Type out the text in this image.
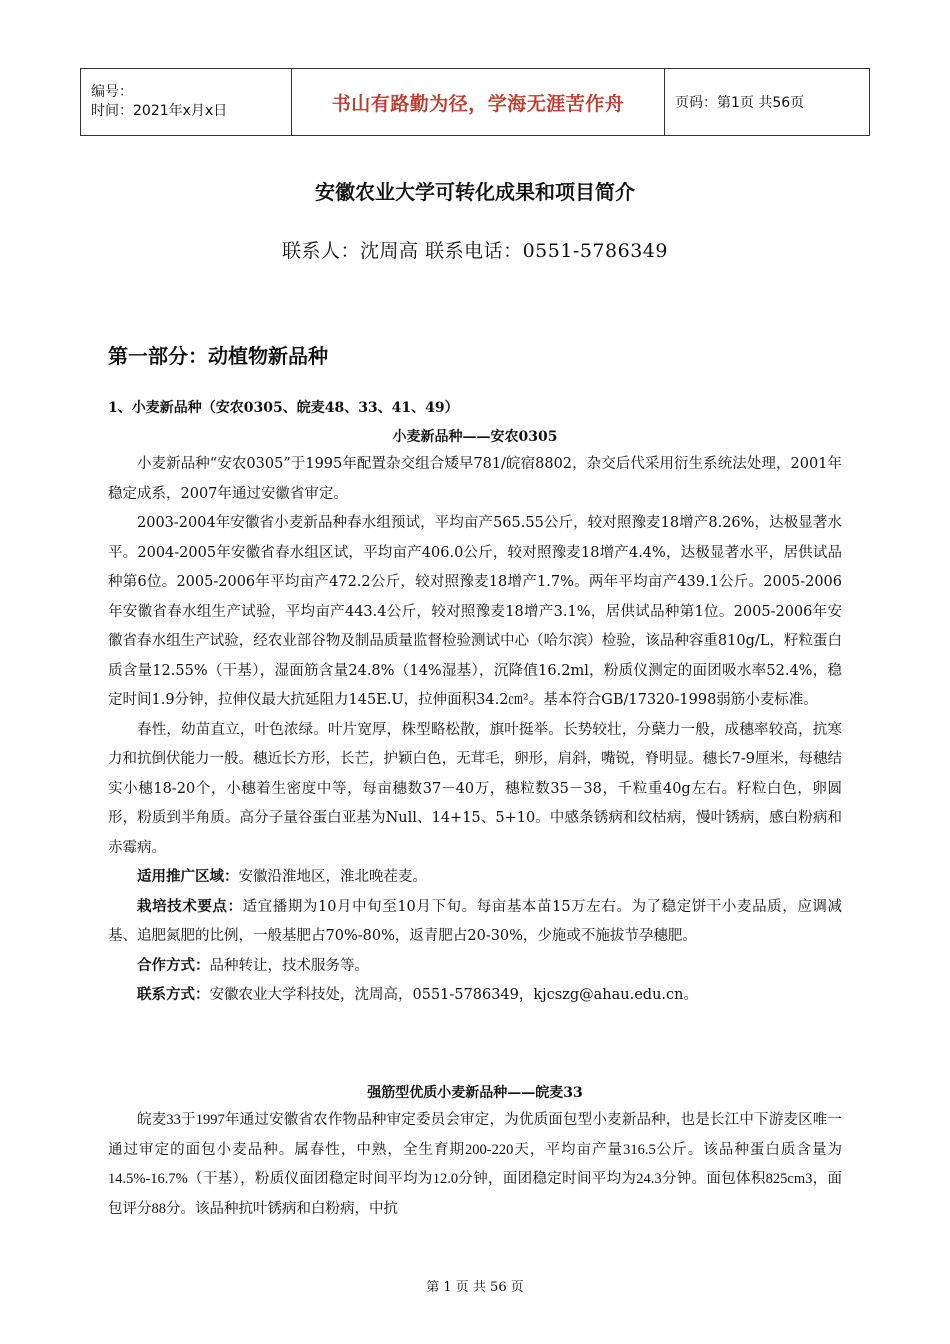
编号：
时间：2021年x月x日	书山有路勤为径，学海无涯苦作舟	页码：第1页 共56页
安徽农业大学可转化成果和项目简介
联系人：沈周高 联系电话：0551-5786349
第一部分：动植物新品种
1、小麦新品种（安农0305、皖麦48、33、41、49）
小麦新品种——安农0305

小麦新品种“安农0305”于1995年配置杂交组合矮早781/皖宿8802，杂交后代采用衍生系统法处理，2001年稳定成系，2007年通过安徽省审定。

2003-2004年安徽省小麦新品种春水组预试，平均亩产565.55公斤，较对照豫麦18增产8.26%，达极显著水平。2004-2005年安徽省春水组区试，平均亩产406.0公斤，较对照豫麦18增产4.4%，达极显著水平，居供试品种第6位。2005-2006年平均亩产472.2公斤，较对照豫麦18增产1.7%。两年平均亩产439.1公斤。2005-2006年安徽省春水组生产试验，平均亩产443.4公斤，较对照豫麦18增产3.1%，居供试品种第1位。2005-2006年安徽省春水组生产试验，经农业部谷物及制品质量监督检验测试中心（哈尔滨）检验，该品种容重810g/L，籽粒蛋白质含量12.55%（干基），湿面筋含量24.8%（14%湿基），沉降值16.2ml，粉质仪测定的面团吸水率52.4%，稳定时间1.9分钟，拉伸仪最大抗延阻力145E.U，拉伸面积34.2㎝²。基本符合GB/17320-1998弱筋小麦标准。

春性，幼苗直立，叶色浓绿。叶片宽厚，株型略松散，旗叶挺举。长势较壮，分蘖力一般，成穗率较高，抗寒力和抗倒伏能力一般。穗近长方形，长芒，护颖白色，无茸毛，卵形，肩斜，嘴锐，脊明显。穗长7-9厘米，每穗结实小穗18-20个，小穗着生密度中等，每亩穗数37－40万，穗粒数35－38，千粒重40g左右。籽粒白色，卵圆形，粉质到半角质。高分子量谷蛋白亚基为Null、14+15、5+10。中感条锈病和纹枯病，慢叶锈病，感白粉病和赤霉病。

适用推广区域：安徽沿淮地区，淮北晚茬麦。

栽培技术要点：适宜播期为10月中旬至10月下旬。每亩基本苗15万左右。为了稳定饼干小麦品质，应调减基、追肥氮肥的比例，一般基肥占70%-80%，返青肥占20-30%，少施或不施拔节孕穗肥。

合作方式：品种转让，技术服务等。

联系方式：安徽农业大学科技处，沈周高，0551-5786349，kjcszg@ahau.edu.cn。

强筋型优质小麦新品种——皖麦33

皖麦33于1997年通过安徽省农作物品种审定委员会审定，为优质面包型小麦新品种，也是长江中下游麦区唯一通过审定的面包小麦品种。属春性，中熟，全生育期200-220天，平均亩产量316.5公斤。该品种蛋白质含量为14.5%-16.7%（干基），粉质仪面团稳定时间平均为12.0分钟，面团稳定时间平均为24.3分钟。面包体积825cm3，面包评分88分。该品种抗叶锈病和白粉病，中抗

第 1 页 共 56 页
